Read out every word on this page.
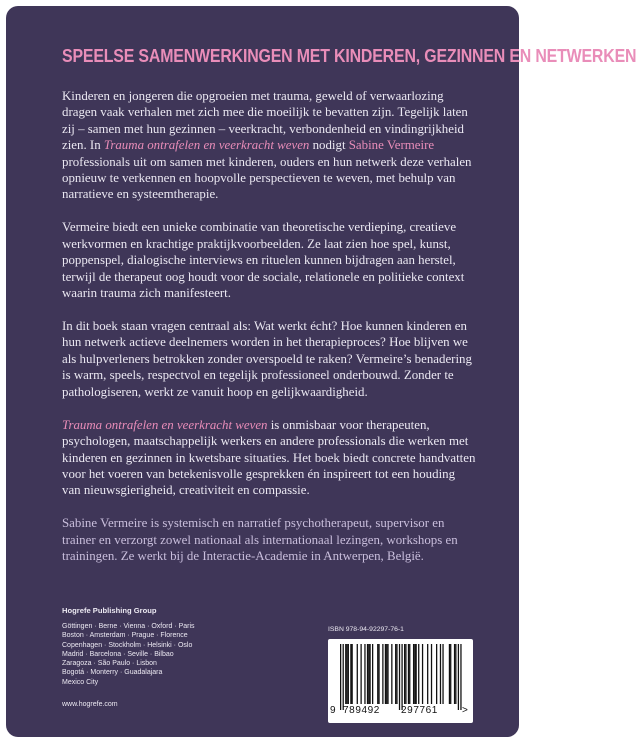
SPEELSE SAMENWERKINGEN MET KINDEREN, GEZINNEN EN NETWERKEN

Kinderen en jongeren die opgroeien met trauma, geweld of verwaarlozing dragen vaak verhalen met zich mee die moeilijk te bevatten zijn. Tegelijk laten zij – samen met hun gezinnen – veerkracht, verbondenheid en vindingrijkheid zien. In Trauma ontrafelen en veerkracht weven nodigt Sabine Vermeire professionals uit om samen met kinderen, ouders en hun netwerk deze verhalen opnieuw te verkennen en hoopvolle perspectieven te weven, met behulp van narratieve en systeemtherapie.

Vermeire biedt een unieke combinatie van theoretische verdieping, creatieve werkvormen en krachtige praktijkvoorbeelden. Ze laat zien hoe spel, kunst, poppenspel, dialogische interviews en rituelen kunnen bijdragen aan herstel, terwijl de therapeut oog houdt voor de sociale, relationele en politieke context waarin trauma zich manifesteert.

In dit boek staan vragen centraal als: Wat werkt écht? Hoe kunnen kinderen en hun netwerk actieve deelnemers worden in het therapieproces? Hoe blijven we als hulpverleners betrokken zonder overspoeld te raken? Vermeire’s benadering is warm, speels, respectvol en tegelijk professioneel onderbouwd. Zonder te pathologiseren, werkt ze vanuit hoop en gelijkwaardigheid.

Trauma ontrafelen en veerkracht weven is onmisbaar voor therapeuten, psychologen, maatschappelijk werkers en andere professionals die werken met kinderen en gezinnen in kwetsbare situaties. Het boek biedt concrete handvatten voor het voeren van betekenisvolle gesprekken én inspireert tot een houding van nieuwsgierigheid, creativiteit en compassie.

Sabine Vermeire is systemisch en narratief psychotherapeut, supervisor en trainer en verzorgt zowel nationaal als internationaal lezingen, workshops en trainingen. Ze werkt bij de Interactie-Academie in Antwerpen, België.

Hogrefe Publishing Group
Göttingen · Berne · Vienna · Oxford · Paris
Boston · Amsterdam · Prague · Florence
Copenhagen · Stockholm · Helsinki · Oslo
Madrid · Barcelona · Seville · Bilbao
Zaragoza · São Paulo · Lisbon
Bogotá · Monterry · Guadalajara
Mexico City
www.hogrefe.com
ISBN 978-94-92297-76-1
9 789492 297761 >
